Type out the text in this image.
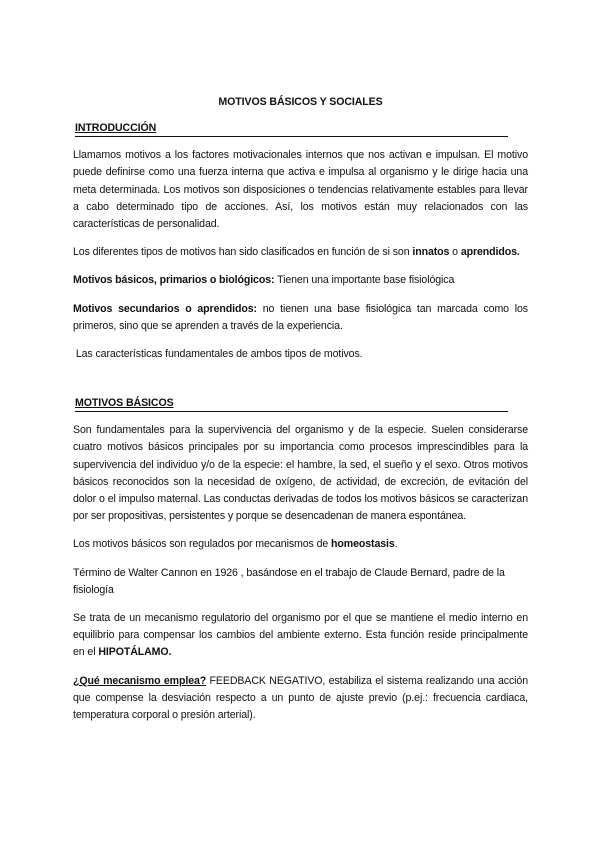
MOTIVOS BÁSICOS Y SOCIALES
INTRODUCCIÓN

Llamamos motivos a los factores motivacionales internos que nos activan e impulsan. El motivo puede definirse como una fuerza interna que activa e impulsa al organismo y le dirige hacia una meta determinada. Los motivos son disposiciones o tendencias relativamente estables para llevar a cabo determinado tipo de acciones. Así, los motivos están muy relacionados con las características de personalidad.

Los diferentes tipos de motivos han sido clasificados en función de si son innatos o aprendidos.

Motivos básicos, primarios o biológicos: Tienen una importante base fisiológica

Motivos secundarios o aprendidos: no tienen una base fisiológica tan marcada como los primeros, sino que se aprenden a través de la experiencia.

Las características fundamentales de ambos tipos de motivos.

MOTIVOS BÁSICOS

Son fundamentales para la supervivencia del organismo y de la especie. Suelen considerarse cuatro motivos básicos principales por su importancia como procesos imprescindibles para la supervivencia del individuo y/o de la especie: el hambre, la sed, el sueño y el sexo. Otros motivos básicos reconocidos son la necesidad de oxígeno, de actividad, de excreción, de evitación del dolor o el impulso maternal. Las conductas derivadas de todos los motivos básicos se caracterizan por ser propositivas, persistentes y porque se desencadenan de manera espontánea.

Los motivos básicos son regulados por mecanismos de homeostasis.

Término de Walter Cannon en 1926 , basándose en el trabajo de Claude Bernard, padre de la fisiología

Se trata de un mecanismo regulatorio del organismo por el que se mantiene el medio interno en equilibrio para compensar los cambios del ambiente externo. Esta función reside principalmente en el HIPOTÁLAMO.

¿Qué mecanismo emplea? FEEDBACK NEGATIVO, estabiliza el sistema realizando una acción que compense la desviación respecto a un punto de ajuste previo (p.ej.: frecuencia cardiaca, temperatura corporal o presión arterial).
